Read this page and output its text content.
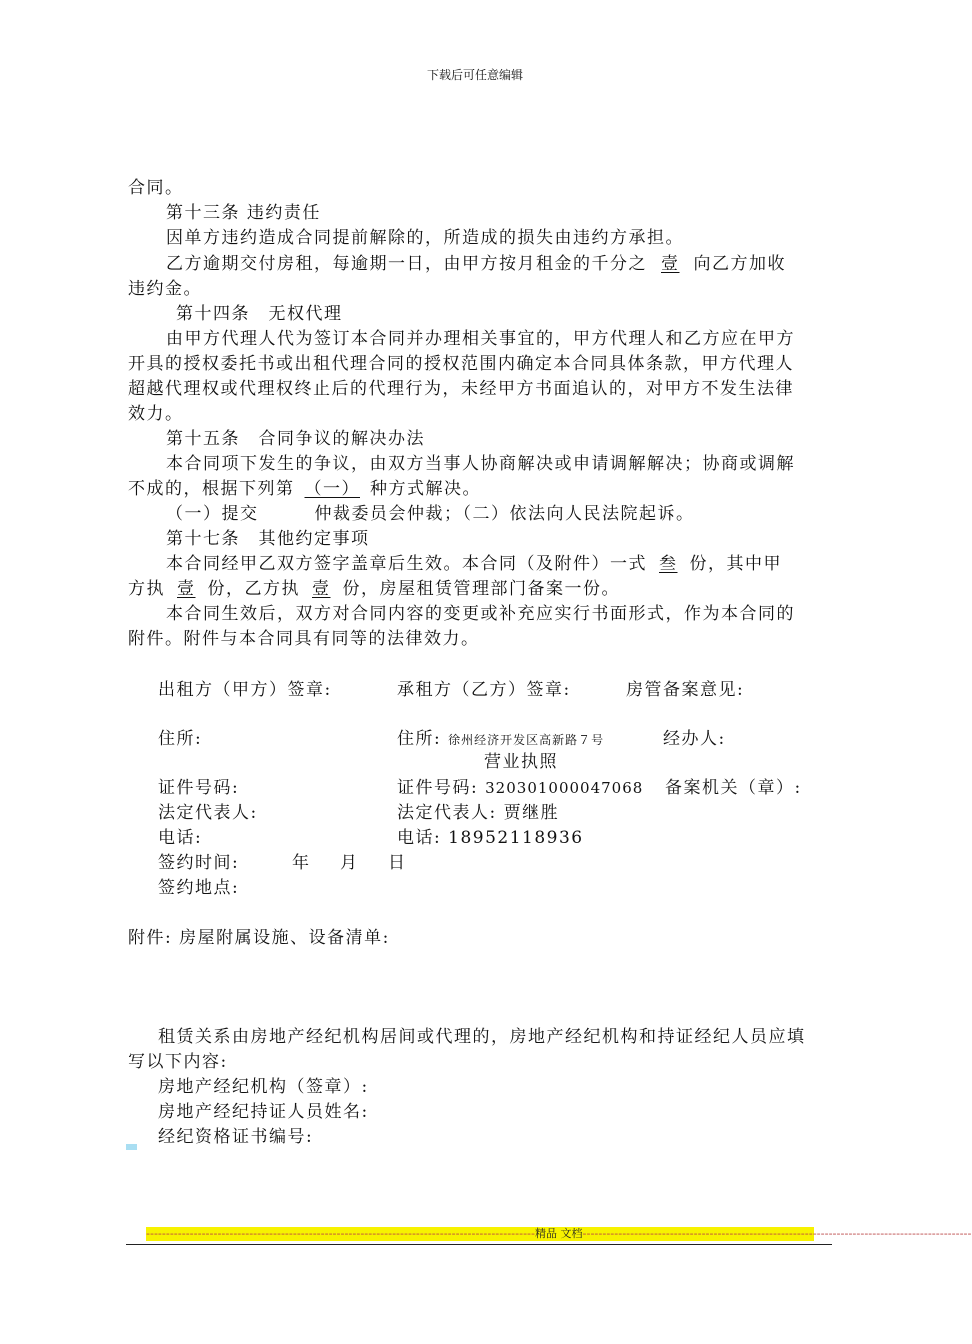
下载后可任意编辑
合同。
第十三条 违约责任
因单方违约造成合同提前解除的，所造成的损失由违约方承担。
乙方逾期交付房租，每逾期一日，由甲方按月租金的千分之 壹 向乙方加收
违约金。
第十四条　无权代理
由甲方代理人代为签订本合同并办理相关事宜的，甲方代理人和乙方应在甲方
开具的授权委托书或出租代理合同的授权范围内确定本合同具体条款，甲方代理人
超越代理权或代理权终止后的代理行为，未经甲方书面追认的，对甲方不发生法律
效力。
第十五条　合同争议的解决办法
本合同项下发生的争议，由双方当事人协商解决或申请调解解决；协商或调解
不成的，根据下列第 （一） 种方式解决。
（一）提交	仲裁委员会仲裁；（二）依法向人民法院起诉。
第十七条　其他约定事项
本合同经甲乙双方签字盖章后生效。本合同（及附件）一式 叁 份，其中甲
方执 壹 份，乙方执 壹 份，房屋租赁管理部门备案一份。
本合同生效后，双方对合同内容的变更或补充应实行书面形式，作为本合同的
附件。附件与本合同具有同等的法律效力。
出租方（甲方）签章:	承租方（乙方）签章:	房管备案意见:
住所:	住所: 徐州经济开发区高新路７号	经办人:
营业执照
证件号码:	证件号码: 320301000047068 备案机关（章）:
法定代表人:	法定代表人: 贾继胜
电话:	电话: 18952118936
签约时间:	年 月 日
签约地点:
附件: 房屋附属设施、设备清单:
租赁关系由房地产经纪机构居间或代理的，房地产经纪机构和持证经纪人员应填
写以下内容:
房地产经纪机构（签章）:
房地产经纪持证人员姓名:
经纪资格证书编号:
--------------------------------------------------------------------------------------------------精品 文档--------------------------------------------------------------------------------------------------
